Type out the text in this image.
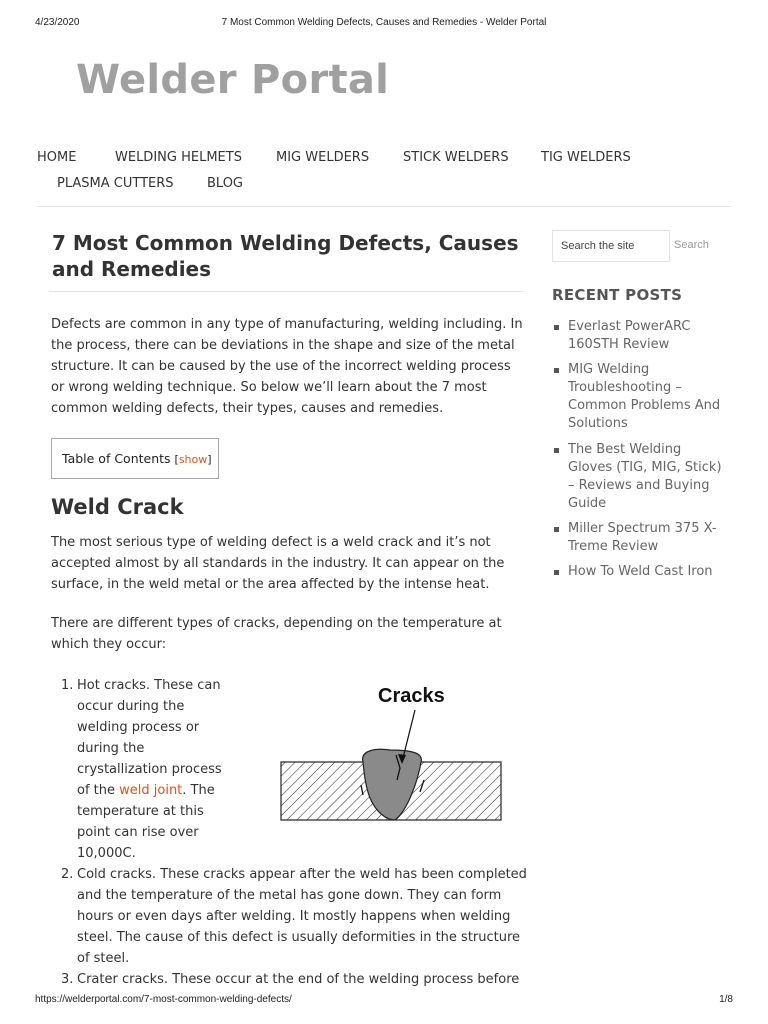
4/23/2020	7 Most Common Welding Defects, Causes and Remedies - Welder Portal
Welder Portal
HOME	WELDING HELMETS	MIG WELDERS	STICK WELDERS TIG WELDERS
PLASMA CUTTERS	BLOG
7 Most Common Welding Defects, Causes and Remedies

Defects are common in any type of manufacturing, welding including. In the process, there can be deviations in the shape and size of the metal structure. It can be caused by the use of the incorrect welding process or wrong welding technique. So below we’ll learn about the 7 most common welding defects, their types, causes and remedies.

Table of Contents [show]
Weld Crack

The most serious type of welding defect is a weld crack and it’s not accepted almost by all standards in the industry. It can appear on the surface, in the weld metal or the area affected by the intense heat.

There are different types of cracks, depending on the temperature at which they occur:

1. Hot cracks. These can occur during the welding process or during the crystallization process of the weld joint. The temperature at this point can rise over 10,000C.
Cracks
2. Cold cracks. These cracks appear after the weld has been completed and the temperature of the metal has gone down. They can form hours or even days after welding. It mostly happens when welding steel. The cause of this defect is usually deformities in the structure of steel.
3. Crater cracks. These occur at the end of the welding process before
Search the site	Search
RECENT POSTS
Everlast PowerARC 160STH Review
MIG Welding Troubleshooting – Common Problems And Solutions
The Best Welding Gloves (TIG, MIG, Stick) – Reviews and Buying Guide
Miller Spectrum 375 X-Treme Review
How To Weld Cast Iron
https://welderportal.com/7-most-common-welding-defects/	1/8
